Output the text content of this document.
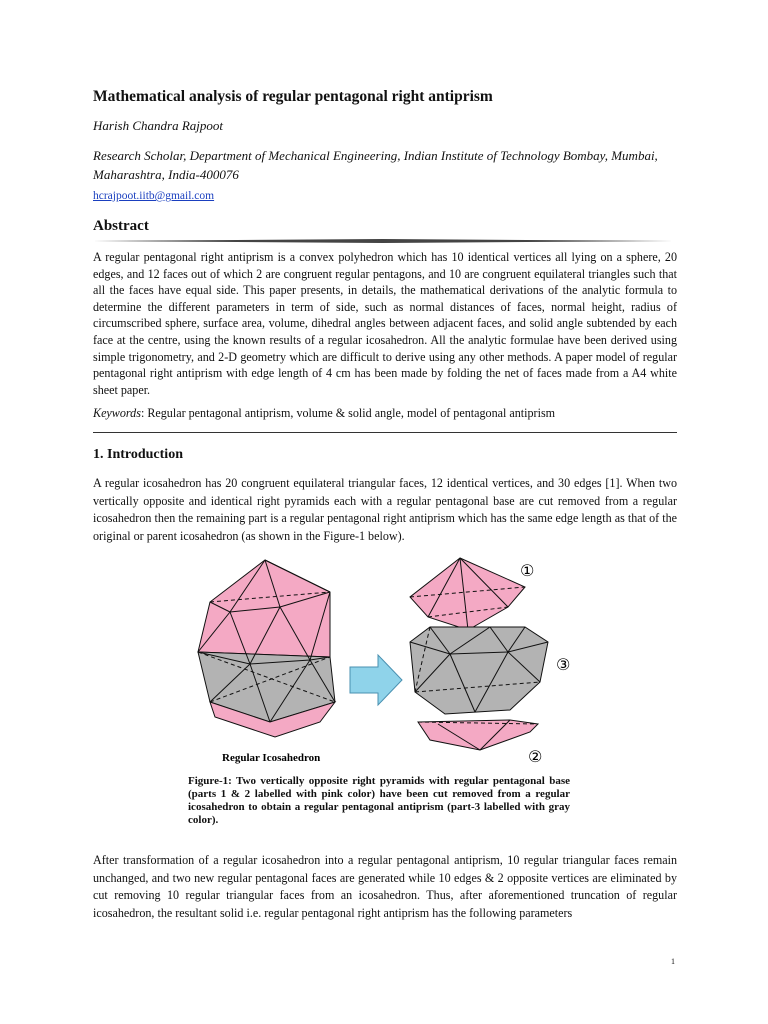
Mathematical analysis of regular pentagonal right antiprism
Harish Chandra Rajpoot
Research Scholar, Department of Mechanical Engineering, Indian Institute of Technology Bombay, Mumbai, Maharashtra, India-400076
hcrajpoot.iitb@gmail.com
Abstract
A regular pentagonal right antiprism is a convex polyhedron which has 10 identical vertices all lying on a sphere, 20 edges, and 12 faces out of which 2 are congruent regular pentagons, and 10 are congruent equilateral triangles such that all the faces have equal side. This paper presents, in details, the mathematical derivations of the analytic formula to determine the different parameters in term of side, such as normal distances of faces, normal height, radius of circumscribed sphere, surface area, volume, dihedral angles between adjacent faces, and solid angle subtended by each face at the centre, using the known results of a regular icosahedron. All the analytic formulae have been derived using simple trigonometry, and 2-D geometry which are difficult to derive using any other methods. A paper model of regular pentagonal right antiprism with edge length of 4 cm has been made by folding the net of faces made from a A4 white sheet paper.
Keywords: Regular pentagonal antiprism, volume & solid angle, model of pentagonal antiprism
1. Introduction
A regular icosahedron has 20 congruent equilateral triangular faces, 12 identical vertices, and 30 edges [1]. When two vertically opposite and identical right pyramids each with a regular pentagonal base are cut removed from a regular icosahedron then the remaining part is a regular pentagonal right antiprism which has the same edge length as that of the original or parent icosahedron (as shown in the Figure-1 below).
Regular Icosahedron
①
③
②
Figure-1: Two vertically opposite right pyramids with regular pentagonal base (parts 1 & 2 labelled with pink color) have been cut removed from a regular icosahedron to obtain a regular pentagonal antiprism (part-3 labelled with gray color).
After transformation of a regular icosahedron into a regular pentagonal antiprism, 10 regular triangular faces remain unchanged, and two new regular pentagonal faces are generated while 10 edges & 2 opposite vertices are eliminated by cut removing 10 regular triangular faces from an icosahedron. Thus, after aforementioned truncation of regular icosahedron, the resultant solid i.e. regular pentagonal right antiprism has the following parameters
1
